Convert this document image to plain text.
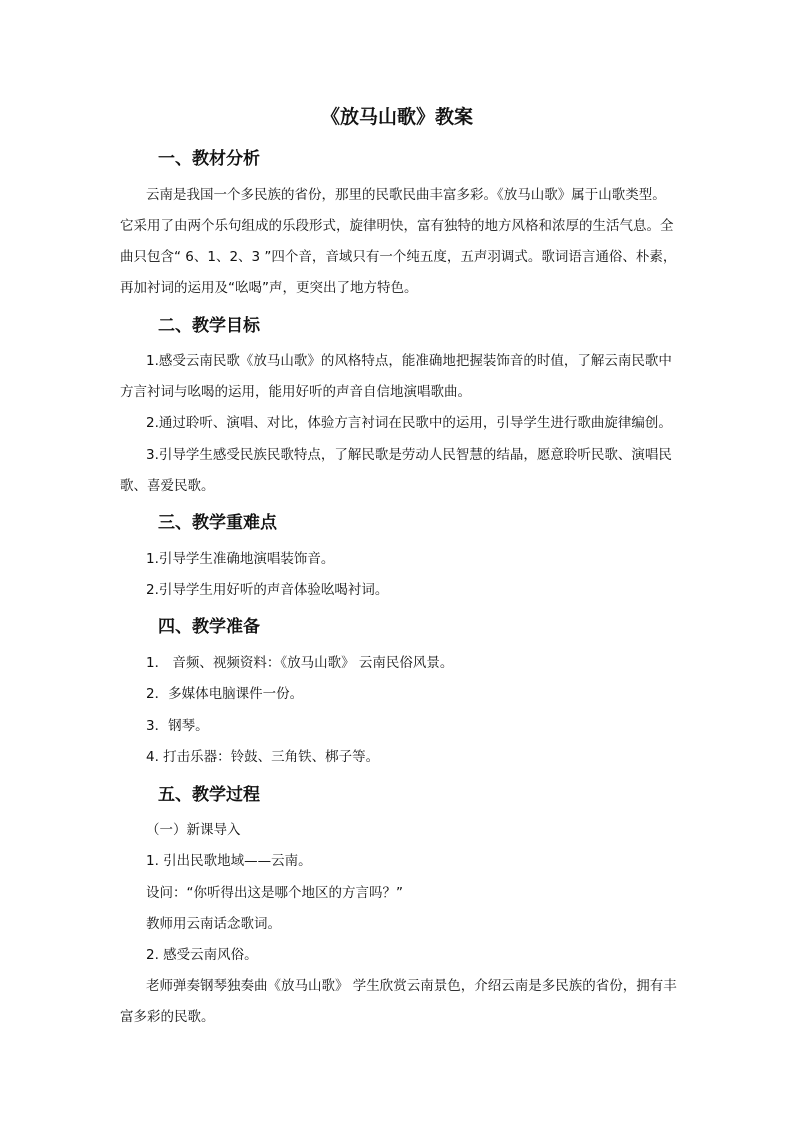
《放马山歌》教案
一、教材分析
云南是我国一个多民族的省份，那里的民歌民曲丰富多彩。《放马山歌》属于山歌类型。它采用了由两个乐句组成的乐段形式，旋律明快，富有独特的地方风格和浓厚的生活气息。全曲只包含“ 6、1、2、3 ”四个音，音域只有一个纯五度，五声羽调式。歌词语言通俗、朴素，再加衬词的运用及“吆喝”声，更突出了地方特色。
二、教学目标
1.感受云南民歌《放马山歌》的风格特点，能准确地把握装饰音的时值，了解云南民歌中方言衬词与吆喝的运用，能用好听的声音自信地演唱歌曲。
2.通过聆听、演唱、对比，体验方言衬词在民歌中的运用，引导学生进行歌曲旋律编创。
3.引导学生感受民族民歌特点，了解民歌是劳动人民智慧的结晶，愿意聆听民歌、演唱民歌、喜爱民歌。
三、教学重难点
1.引导学生准确地演唱装饰音。
2.引导学生用好听的声音体验吆喝衬词。
四、教学准备
1． 音频、视频资料：《放马山歌》 云南民俗风景。
2．多媒体电脑课件一份。
3．钢琴。
4. 打击乐器：铃鼓、三角铁、梆子等。
五、教学过程
（一）新课导入
1. 引出民歌地域——云南。
设问：“你听得出这是哪个地区的方言吗？”
教师用云南话念歌词。
2. 感受云南风俗。
老师弹奏钢琴独奏曲《放马山歌》 学生欣赏云南景色，介绍云南是多民族的省份，拥有丰富多彩的民歌。
